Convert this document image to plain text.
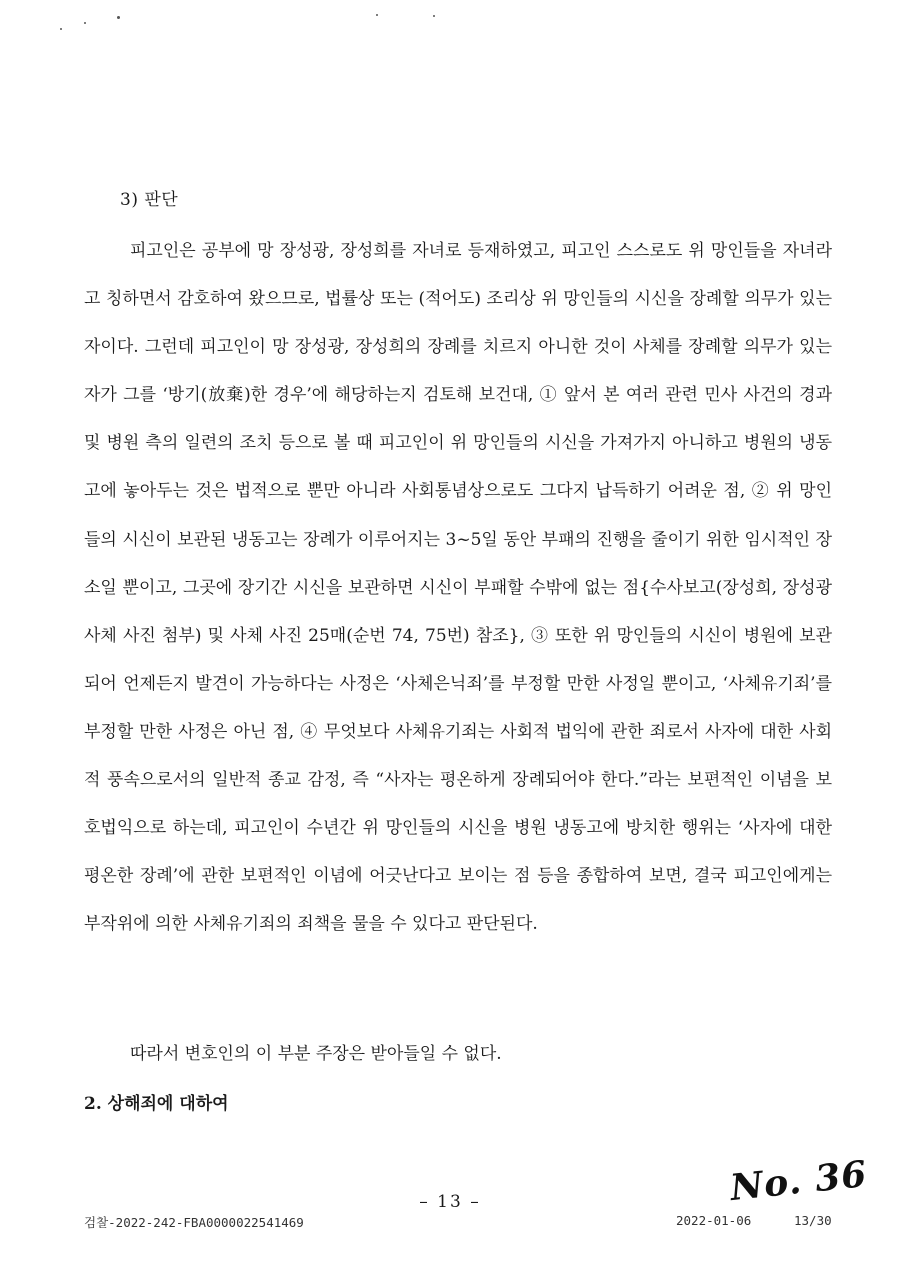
3) 판단

피고인은 공부에 망 장성광, 장성희를 자녀로 등재하였고, 피고인 스스로도 위 망인들을 자녀라고 칭하면서 감호하여 왔으므로, 법률상 또는 (적어도) 조리상 위 망인들의 시신을 장례할 의무가 있는 자이다. 그런데 피고인이 망 장성광, 장성희의 장례를 치르지 아니한 것이 사체를 장례할 의무가 있는 자가 그를 ‘방기(放棄)한 경우’에 해당하는지 검토해 보건대, ① 앞서 본 여러 관련 민사 사건의 경과 및 병원 측의 일련의 조치 등으로 볼 때 피고인이 위 망인들의 시신을 가져가지 아니하고 병원의 냉동고에 놓아두는 것은 법적으로 뿐만 아니라 사회통념상으로도 그다지 납득하기 어려운 점, ② 위 망인들의 시신이 보관된 냉동고는 장례가 이루어지는 3~5일 동안 부패의 진행을 줄이기 위한 임시적인 장소일 뿐이고, 그곳에 장기간 시신을 보관하면 시신이 부패할 수밖에 없는 점{수사보고(장성희, 장성광 사체 사진 첨부) 및 사체 사진 25매(순번 74, 75번) 참조}, ③ 또한 위 망인들의 시신이 병원에 보관되어 언제든지 발견이 가능하다는 사정은 ‘사체은닉죄’를 부정할 만한 사정일 뿐이고, ‘사체유기죄’를 부정할 만한 사정은 아닌 점, ④ 무엇보다 사체유기죄는 사회적 법익에 관한 죄로서 사자에 대한 사회적 풍속으로서의 일반적 종교 감정, 즉 “사자는 평온하게 장례되어야 한다.”라는 보편적인 이념을 보호법익으로 하는데, 피고인이 수년간 위 망인들의 시신을 병원 냉동고에 방치한 행위는 ‘사자에 대한 평온한 장례’에 관한 보편적인 이념에 어긋난다고 보이는 점 등을 종합하여 보면, 결국 피고인에게는 부작위에 의한 사체유기죄의 죄책을 물을 수 있다고 판단된다.

따라서 변호인의 이 부분 주장은 받아들일 수 없다.
2. 상해죄에 대하여
No. 36
– 13 –
검찰-2022-242-FBA0000022541469	2022-01-06	13/30
